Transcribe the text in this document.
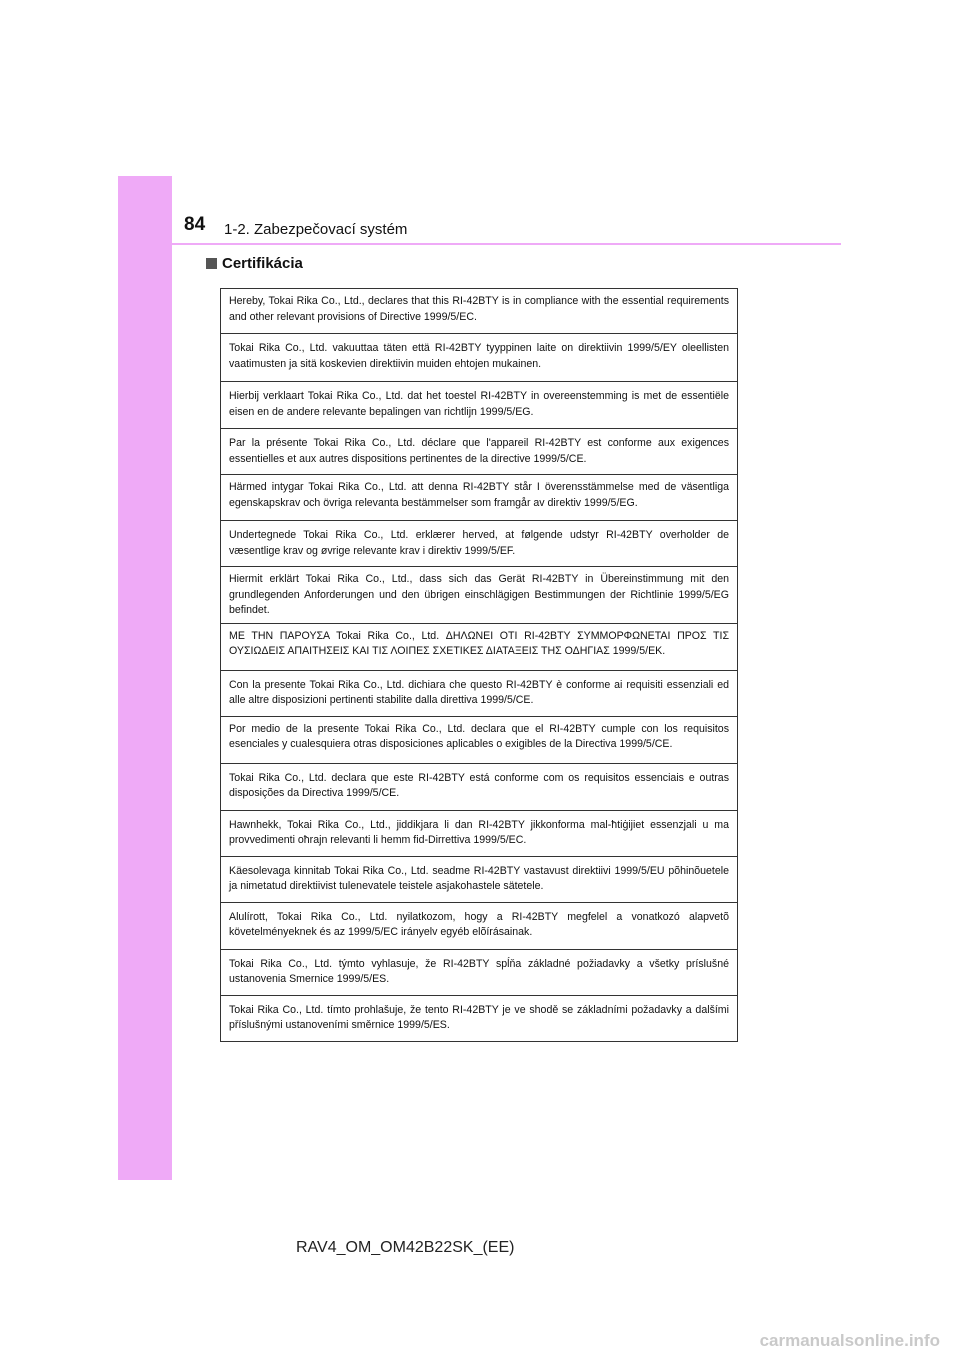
84 1-2. Zabezpečovací systém
Certifikácia
Hereby, Tokai Rika Co., Ltd., declares that this RI-42BTY is in compliance with the essential requirements and other relevant provisions of Directive 1999/5/EC.
Tokai Rika Co., Ltd. vakuuttaa täten että RI-42BTY tyyppinen laite on direktiivin 1999/5/EY oleellisten vaatimusten ja sitä koskevien direktiivin muiden ehtojen mukainen.
Hierbij verklaart Tokai Rika Co., Ltd. dat het toestel RI-42BTY in overeenstemming is met de essentiële eisen en de andere relevante bepalingen van richtlijn 1999/5/EG.
Par la présente Tokai Rika Co., Ltd. déclare que l'appareil RI-42BTY est conforme aux exigences essentielles et aux autres dispositions pertinentes de la directive 1999/5/CE.
Härmed intygar Tokai Rika Co., Ltd. att denna RI-42BTY står I överensstämmelse med de väsentliga egenskapskrav och övriga relevanta bestämmelser som framgår av direktiv 1999/5/EG.
Undertegnede Tokai Rika Co., Ltd. erklærer herved, at følgende udstyr RI-42BTY overholder de væsentlige krav og øvrige relevante krav i direktiv 1999/5/EF.
Hiermit erklärt Tokai Rika Co., Ltd., dass sich das Gerät RI-42BTY in Übereinstimmung mit den grundlegenden Anforderungen und den übrigen einschlägigen Bestimmungen der Richtlinie 1999/5/EG befindet.
ΜΕ ΤΗΝ ΠΑΡΟΥΣΑ Tokai Rika Co., Ltd. ΔΗΛΩΝΕΙ ΟΤΙ RI-42BTY ΣΥΜΜΟΡΦΩΝΕΤΑΙ ΠΡΟΣ ΤΙΣ ΟΥΣΙΩΔΕΙΣ ΑΠΑΙΤΗΣΕΙΣ ΚΑΙ ΤΙΣ ΛΟΙΠΕΣ ΣΧΕΤΙΚΕΣ ΔΙΑΤΑΞΕΙΣ ΤΗΣ ΟΔΗΓΙΑΣ 1999/5/ΕΚ.
Con la presente Tokai Rika Co., Ltd. dichiara che questo RI-42BTY è conforme ai requisiti essenziali ed alle altre disposizioni pertinenti stabilite dalla direttiva 1999/5/CE.
Por medio de la presente Tokai Rika Co., Ltd. declara que el RI-42BTY cumple con los requisitos esenciales y cualesquiera otras disposiciones aplicables o exigibles de la Directiva 1999/5/CE.
Tokai Rika Co., Ltd. declara que este RI-42BTY está conforme com os requisitos essenciais e outras disposições da Directiva 1999/5/CE.
Hawnhekk, Tokai Rika Co., Ltd., jiddikjara li dan RI-42BTY jikkonforma mal-ħtiġijiet essenzjali u ma provvedimenti oħrajn relevanti li hemm fid-Dirrettiva 1999/5/EC.
Käesolevaga kinnitab Tokai Rika Co., Ltd. seadme RI-42BTY vastavust direktiivi 1999/5/EU põhinõuetele ja nimetatud direktiivist tulenevatele teistele asjakohastele sätetele.
Alulírott, Tokai Rika Co., Ltd. nyilatkozom, hogy a RI-42BTY megfelel a vonatkozó alapvetõ követelményeknek és az 1999/5/EC irányelv egyéb elõírásainak.
Tokai Rika Co., Ltd. týmto vyhlasuje, že RI-42BTY spĺňa základné požiadavky a všetky príslušné ustanovenia Smernice 1999/5/ES.
Tokai Rika Co., Ltd. tímto prohlašuje, že tento RI-42BTY je ve shodě se základními požadavky a dalšími příslušnými ustanoveními směrnice 1999/5/ES.
RAV4_OM_OM42B22SK_(EE)
carmanualsonline.info
